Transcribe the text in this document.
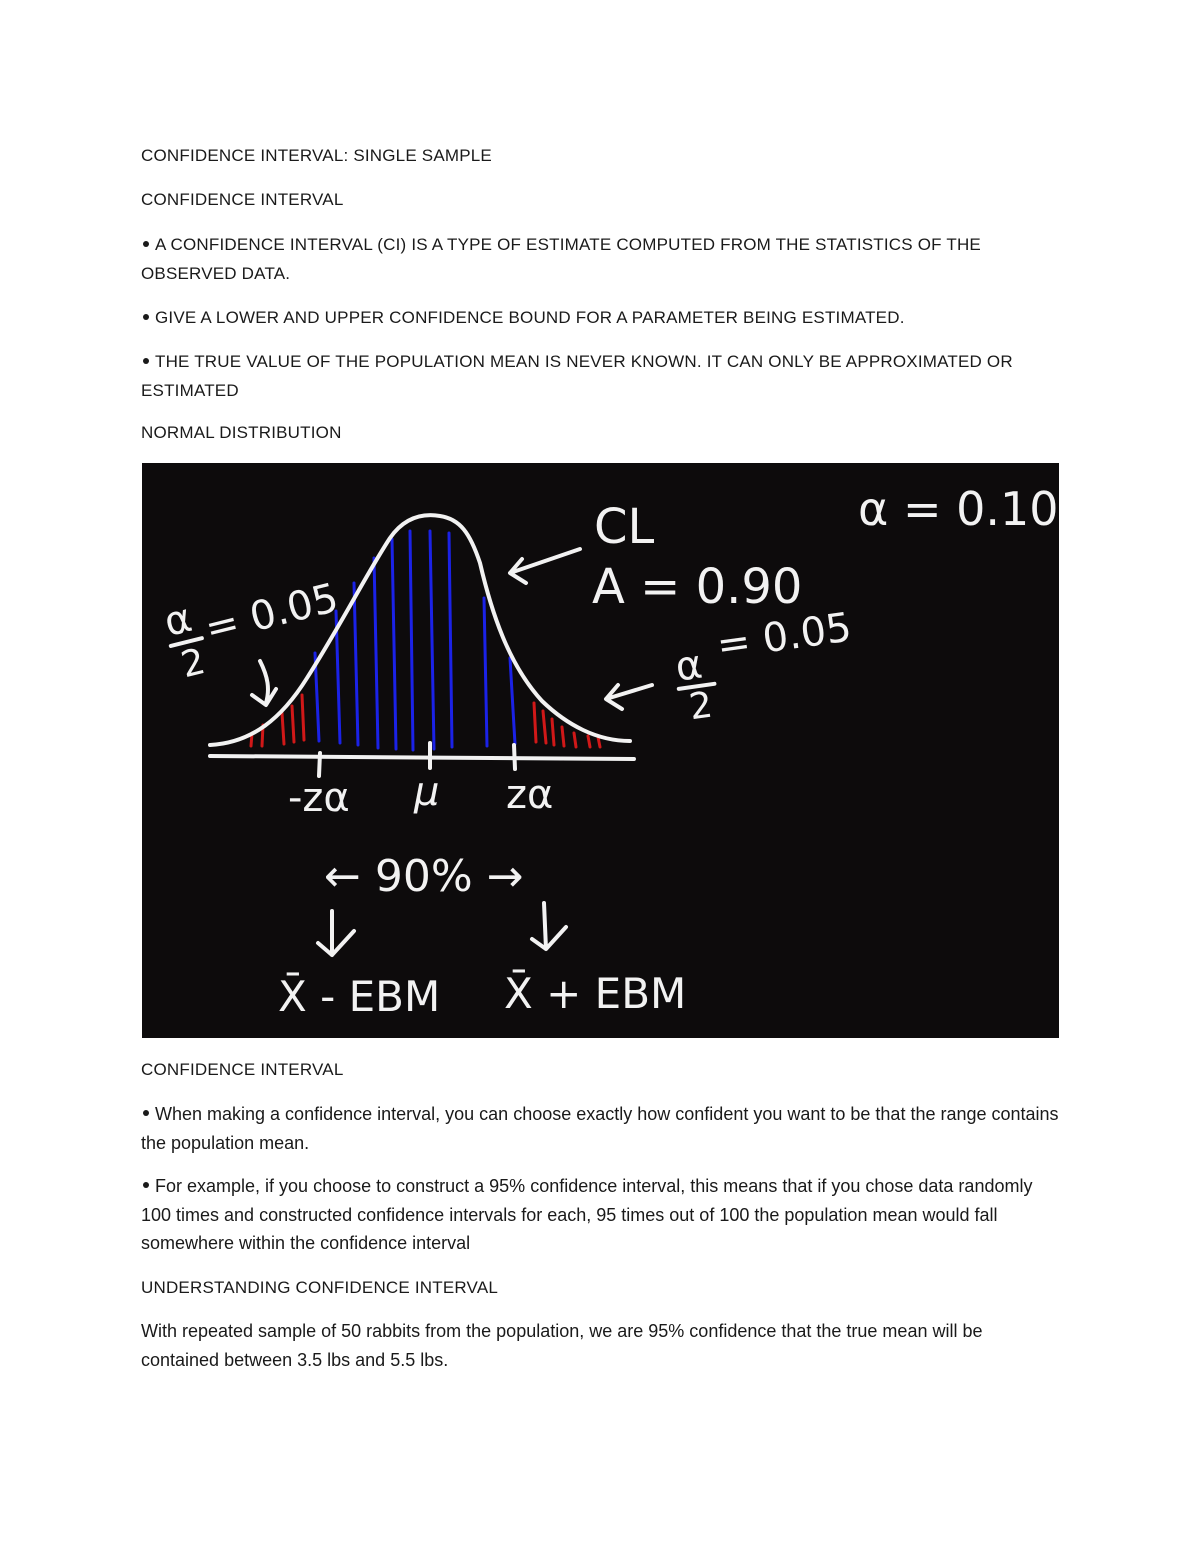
CONFIDENCE INTERVAL: SINGLE SAMPLE
CONFIDENCE INTERVAL
A CONFIDENCE INTERVAL (CI) IS A TYPE OF ESTIMATE COMPUTED FROM THE STATISTICS OF THE OBSERVED DATA.
GIVE A LOWER AND UPPER CONFIDENCE BOUND FOR A PARAMETER BEING ESTIMATED.
THE TRUE VALUE OF THE POPULATION MEAN IS NEVER KNOWN. IT CAN ONLY BE APPROXIMATED OR ESTIMATED
NORMAL DISTRIBUTION
-zα μ zα
← 90% →
X̄ - EBM X̄ + EBM
α
2
= 0.05
CL
A = 0.90
α = 0.10
α
2
= 0.05
CONFIDENCE INTERVAL
When making a confidence interval, you can choose exactly how confident you want to be that the range contains the population mean.
For example, if you choose to construct a 95% confidence interval, this means that if you chose data randomly 100 times and constructed confidence intervals for each, 95 times out of 100 the population mean would fall somewhere within the confidence interval
UNDERSTANDING CONFIDENCE INTERVAL
With repeated sample of 50 rabbits from the population, we are 95% confidence that the true mean will be contained between 3.5 lbs and 5.5 lbs.
